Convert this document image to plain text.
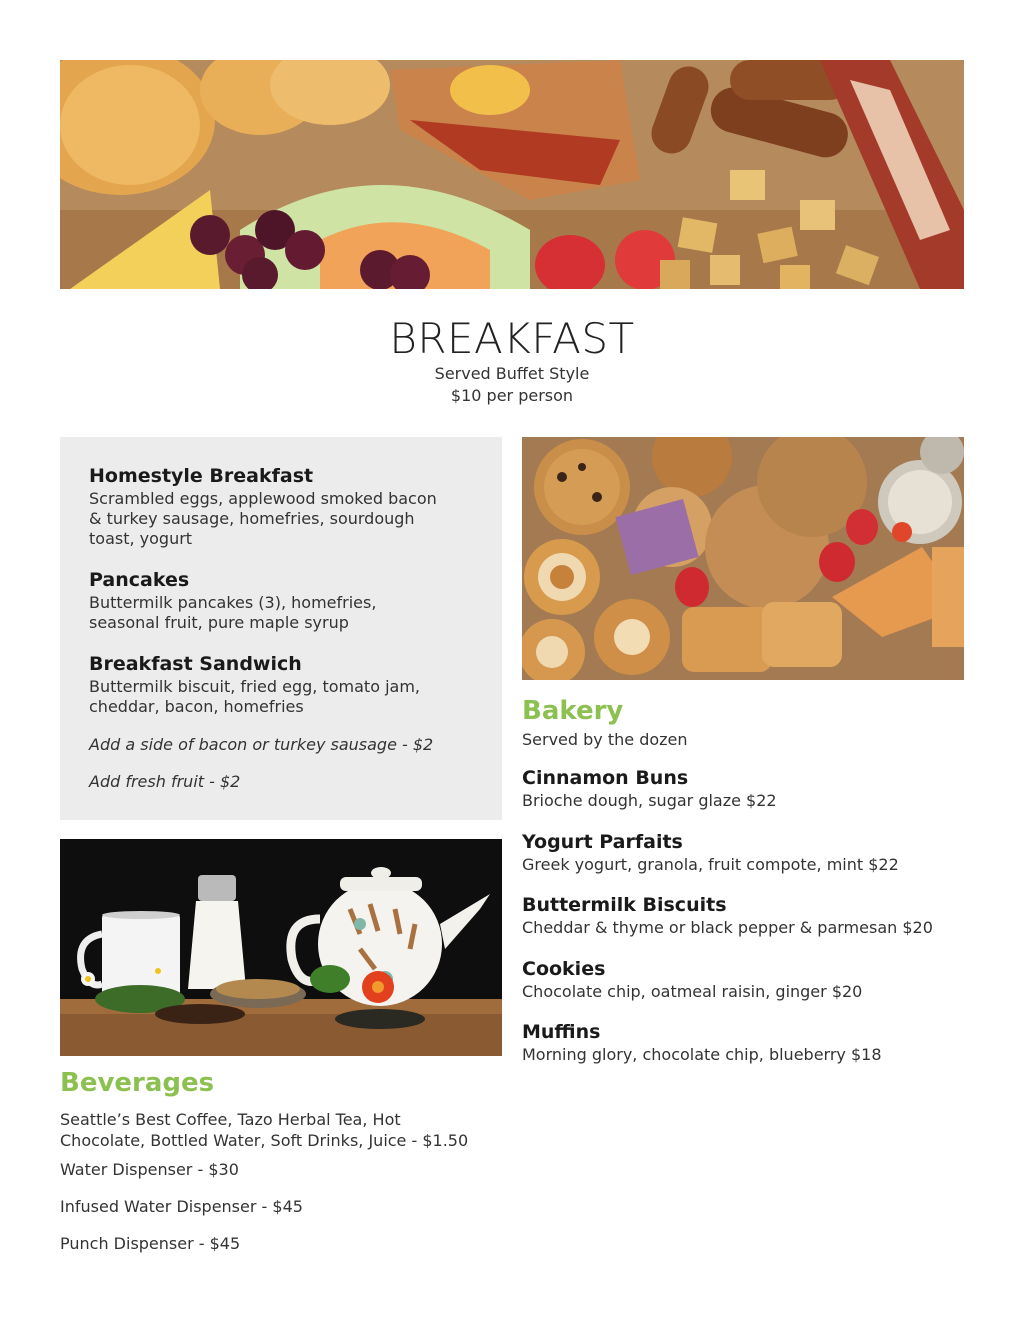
BREAKFAST
Served Buffet Style
$10 per person

Homestyle Breakfast

Scrambled eggs, applewood smoked bacon & turkey sausage, homefries, sourdough toast, yogurt

Pancakes

Buttermilk pancakes (3), homefries, seasonal fruit, pure maple syrup

Breakfast Sandwich

Buttermilk biscuit, fried egg, tomato jam, cheddar, bacon, homefries

Add a side of bacon or turkey sausage - $2
Add fresh fruit - $2
Bakery
Served by the dozen

Cinnamon Buns

Brioche dough, sugar glaze $22

Yogurt Parfaits

Greek yogurt, granola, fruit compote, mint $22

Buttermilk Biscuits

Cheddar & thyme or black pepper & parmesan $20

Cookies

Chocolate chip, oatmeal raisin, ginger $20

Muffins

Morning glory, chocolate chip, blueberry $18

Beverages
Seattle’s Best Coffee, Tazo Herbal Tea, Hot Chocolate, Bottled Water, Soft Drinks, Juice - $1.50
Water Dispenser - $30
Infused Water Dispenser - $45
Punch Dispenser - $45
